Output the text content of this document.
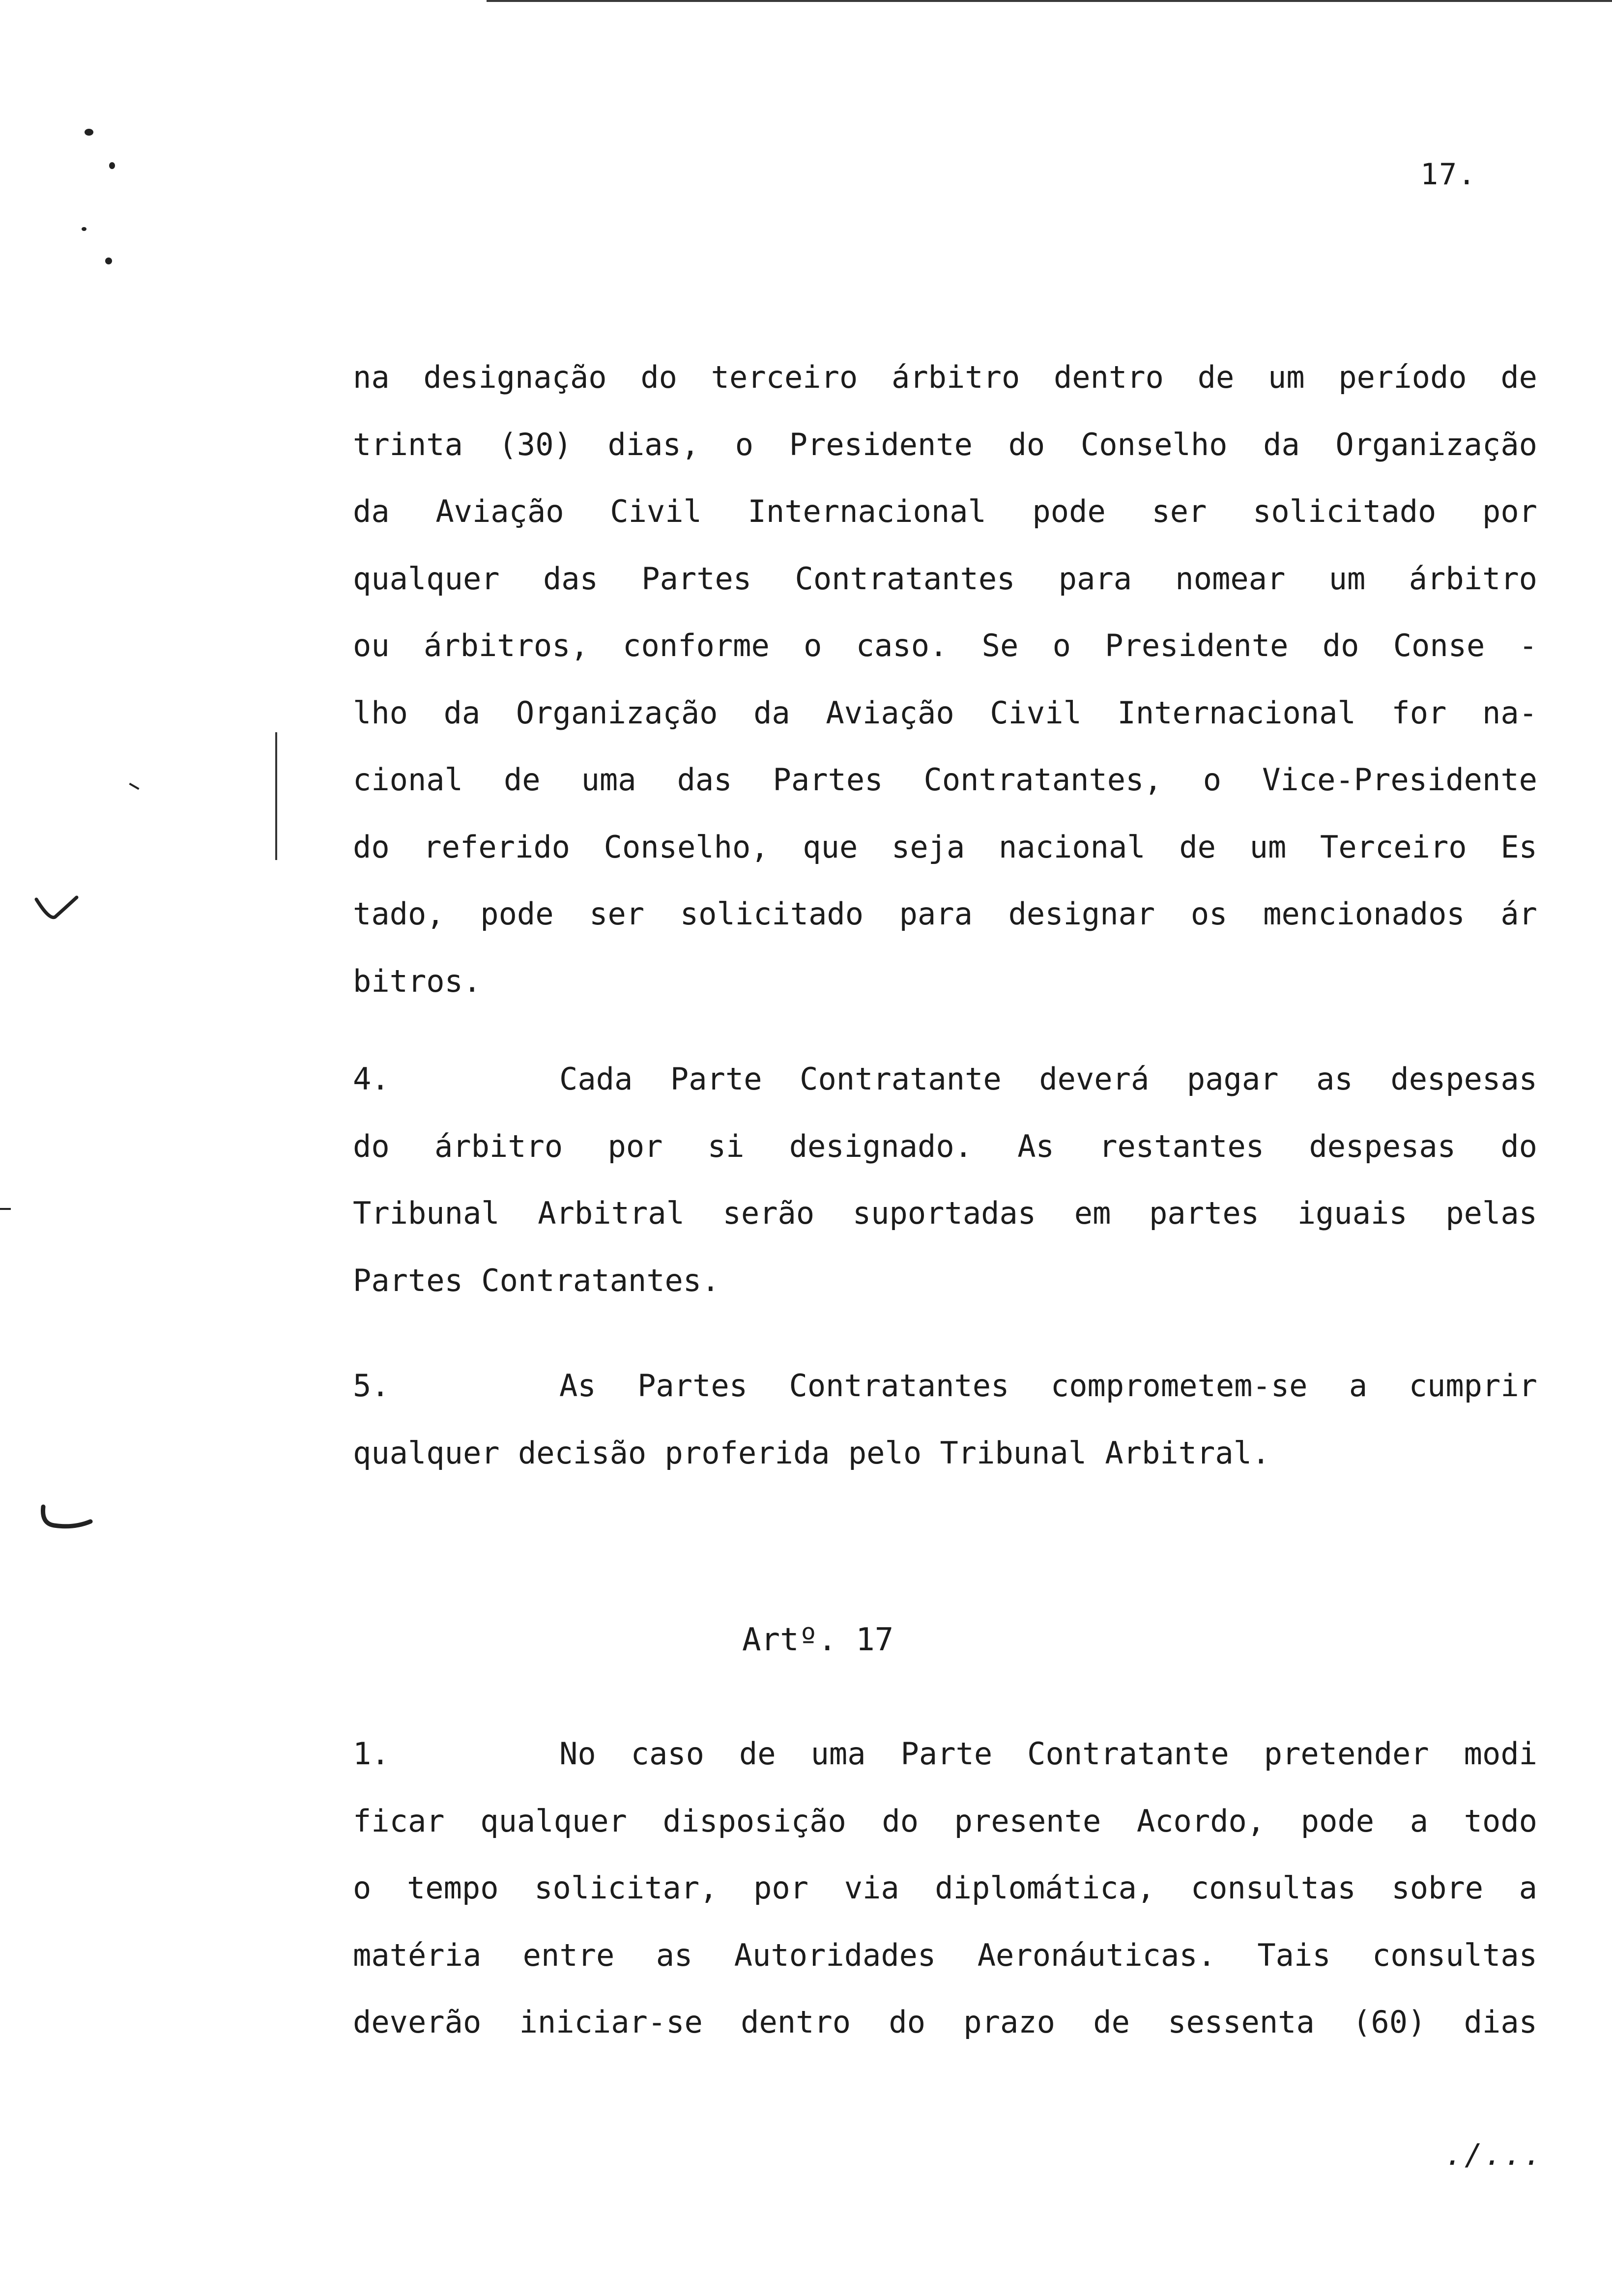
17.
na designação do terceiro árbitro dentro de um período de
trinta (30) dias, o Presidente do Conselho da Organização
da Aviação Civil Internacional pode ser solicitado por
qualquer das Partes Contratantes para nomear um árbitro
ou árbitros, conforme o caso. Se o Presidente do Conse -
lho da Organização da Aviação Civil Internacional for na-
cional de uma das Partes Contratantes, o Vice-Presidente
do referido Conselho, que seja nacional de um Terceiro Es
tado, pode ser solicitado para designar os mencionados ár
bitros.
4.	Cada Parte Contratante deverá pagar as despesas
do árbitro por si designado. As restantes despesas do
Tribunal Arbitral serão suportadas em partes iguais pelas
Partes Contratantes.
5.	As Partes Contratantes comprometem-se a cumprir
qualquer decisão proferida pelo Tribunal Arbitral.
Artº. 17
1.	No caso de uma Parte Contratante pretender modi
ficar qualquer disposição do presente Acordo, pode a todo
o tempo solicitar, por via diplomática, consultas sobre a
matéria entre as Autoridades Aeronáuticas. Tais consultas
deverão iniciar-se dentro do prazo de sessenta (60) dias
./...
